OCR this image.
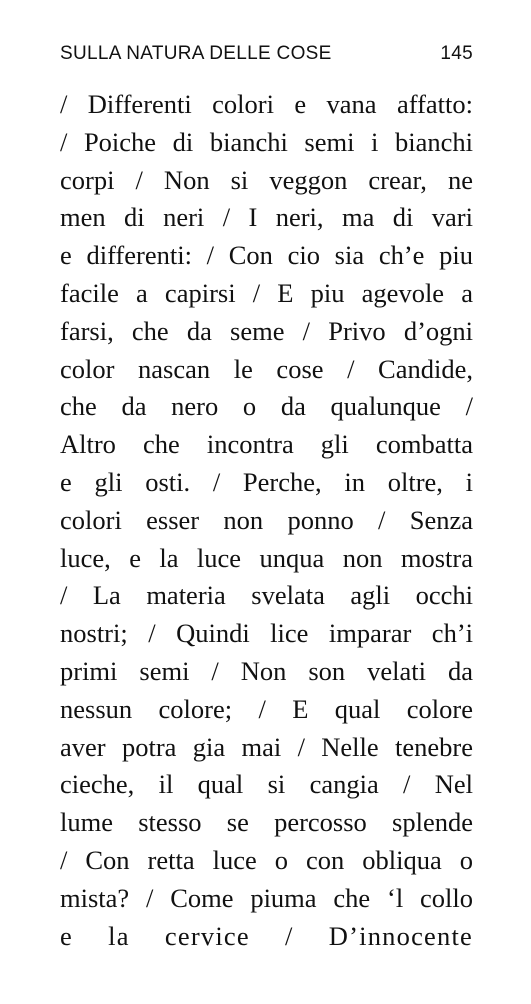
SULLA NATURA DELLE COSE	145
/ Differenti colori e vana affatto:
/ Poiche di bianchi semi i bianchi
corpi / Non si veggon crear, ne
men di neri / I neri, ma di vari
e differenti: / Con cio sia ch’e piu
facile a capirsi / E piu agevole a
farsi, che da seme / Privo d’ogni
color nascan le cose / Candide,
che da nero o da qualunque /
Altro che incontra gli combatta
e gli osti. / Perche, in oltre, i
colori esser non ponno / Senza
luce, e la luce unqua non mostra
/ La materia svelata agli occhi
nostri; / Quindi lice imparar ch’i
primi semi / Non son velati da
nessun colore; / E qual colore
aver potra gia mai / Nelle tenebre
cieche, il qual si cangia / Nel
lume stesso se percosso splende
/ Con retta luce o con obliqua o
mista? / Come piuma che ‘l collo
e la cervice / D’innocente
